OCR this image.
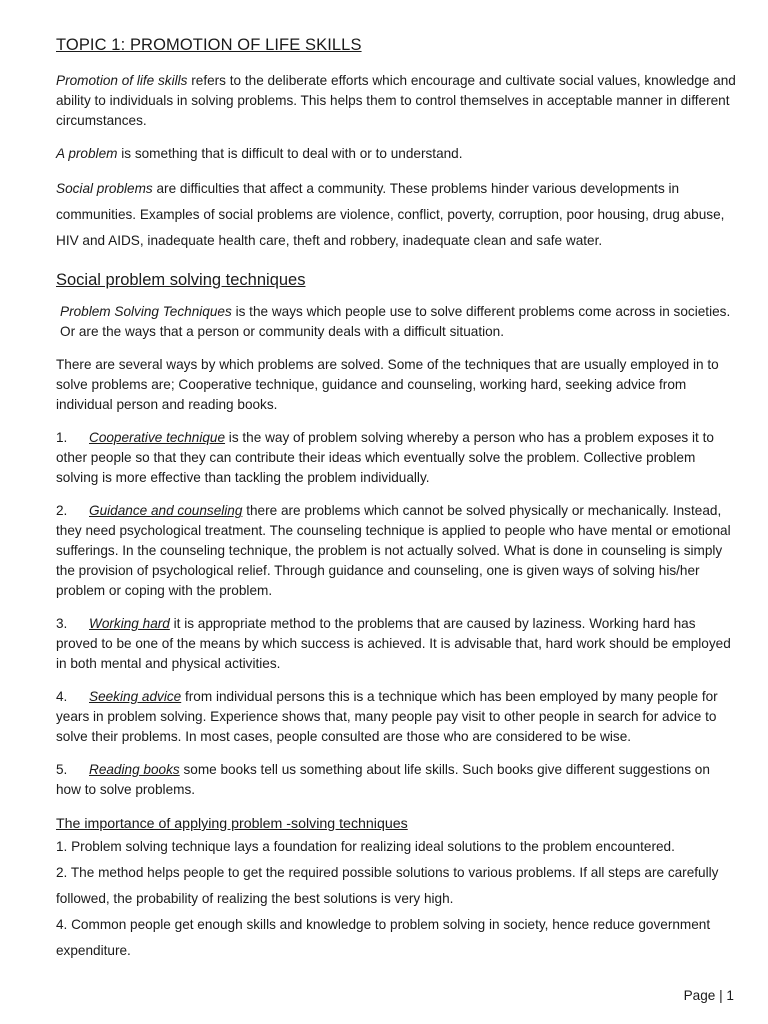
TOPIC 1: PROMOTION OF LIFE SKILLS

Promotion of life skills refers to the deliberate efforts which encourage and cultivate social values, knowledge and ability to individuals in solving problems. This helps them to control themselves in acceptable manner in different circumstances.

A problem is something that is difficult to deal with or to understand.

Social problems are difficulties that affect a community. These problems hinder various developments in communities. Examples of social problems are violence, conflict, poverty, corruption, poor housing, drug abuse, HIV and AIDS, inadequate health care, theft and robbery, inadequate clean and safe water.

Social problem solving techniques

Problem Solving Techniques is the ways which people use to solve different problems come across in societies. Or are the ways that a person or community deals with a difficult situation.

There are several ways by which problems are solved. Some of the techniques that are usually employed in to solve problems are; Cooperative technique, guidance and counseling, working hard, seeking advice from individual person and reading books.

1. Cooperative technique is the way of problem solving whereby a person who has a problem exposes it to other people so that they can contribute their ideas which eventually solve the problem. Collective problem solving is more effective than tackling the problem individually.

2. Guidance and counseling there are problems which cannot be solved physically or mechanically. Instead, they need psychological treatment. The counseling technique is applied to people who have mental or emotional sufferings. In the counseling technique, the problem is not actually solved. What is done in counseling is simply the provision of psychological relief. Through guidance and counseling, one is given ways of solving his/her problem or coping with the problem.

3. Working hard it is appropriate method to the problems that are caused by laziness. Working hard has proved to be one of the means by which success is achieved. It is advisable that, hard work should be employed in both mental and physical activities.

4. Seeking advice from individual persons this is a technique which has been employed by many people for years in problem solving. Experience shows that, many people pay visit to other people in search for advice to solve their problems. In most cases, people consulted are those who are considered to be wise.

5. Reading books some books tell us something about life skills. Such books give different suggestions on how to solve problems.

The importance of applying problem -solving techniques

1. Problem solving technique lays a foundation for realizing ideal solutions to the problem encountered.

2. The method helps people to get the required possible solutions to various problems. If all steps are carefully followed, the probability of realizing the best solutions is very high.

4. Common people get enough skills and knowledge to problem solving in society, hence reduce government expenditure.

Page | 1
